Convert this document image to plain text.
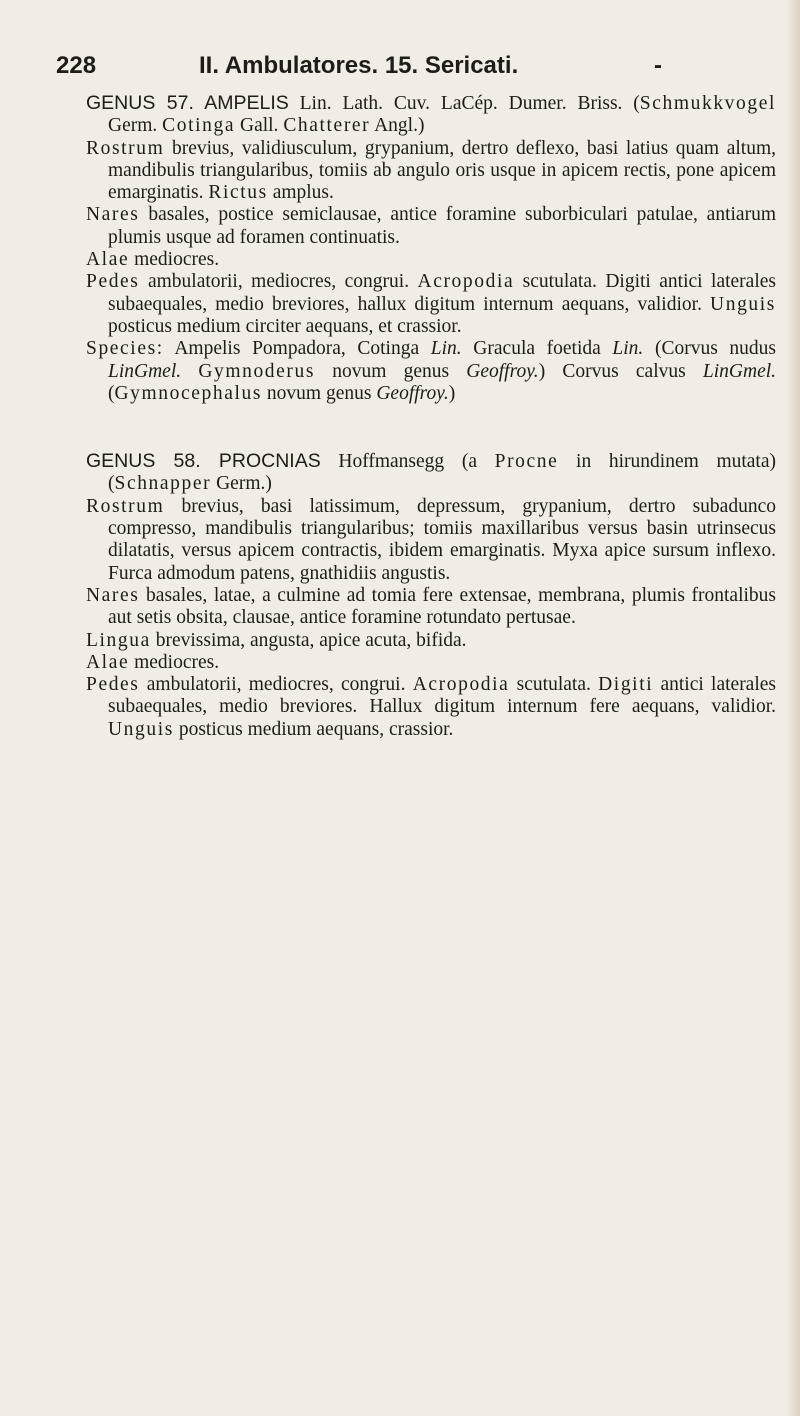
228	II. Ambulatores. 15. Sericati.	-

GENUS 57. AMPELIS Lin. Lath. Cuv. LaCép. Dumer. Briss. (Schmukkvogel Germ. Cotinga Gall. Chatterer Angl.)

Rostrum brevius, validiusculum, grypanium, dertro deflexo, basi latius quam altum, mandibulis triangularibus, tomiis ab angulo oris usque in apicem rectis, pone apicem emarginatis. Rictus amplus.

Nares basales, postice semiclausae, antice foramine suborbiculari patulae, antiarum plumis usque ad foramen continuatis.

Alae mediocres.

Pedes ambulatorii, mediocres, congrui. Acropodia scutulata. Digiti antici laterales subaequales, medio breviores, hallux digitum internum aequans, validior. Unguis posticus medium circiter aequans, et crassior.

Species: Ampelis Pompadora, Cotinga Lin. Gracula foetida Lin. (Corvus nudus LinGmel. Gymnoderus novum genus Geoffroy.) Corvus calvus LinGmel. (Gymnocephalus novum genus Geoffroy.)

GENUS 58. PROCNIAS Hoffmansegg (a Procne in hirundinem mutata) (Schnapper Germ.)

Rostrum brevius, basi latissimum, depressum, grypanium, dertro subadunco compresso, mandibulis triangularibus; tomiis maxillaribus versus basin utrinsecus dilatatis, versus apicem contractis, ibidem emarginatis. Myxa apice sursum inflexo. Furca admodum patens, gnathidiis angustis.

Nares basales, latae, a culmine ad tomia fere extensae, membrana, plumis frontalibus aut setis obsita, clausae, antice foramine rotundato pertusae.

Lingua brevissima, angusta, apice acuta, bifida.

Alae mediocres.

Pedes ambulatorii, mediocres, congrui. Acropodia scutulata. Digiti antici laterales subaequales, medio breviores. Hallux digitum internum fere aequans, validior. Unguis posticus medium aequans, crassior.
